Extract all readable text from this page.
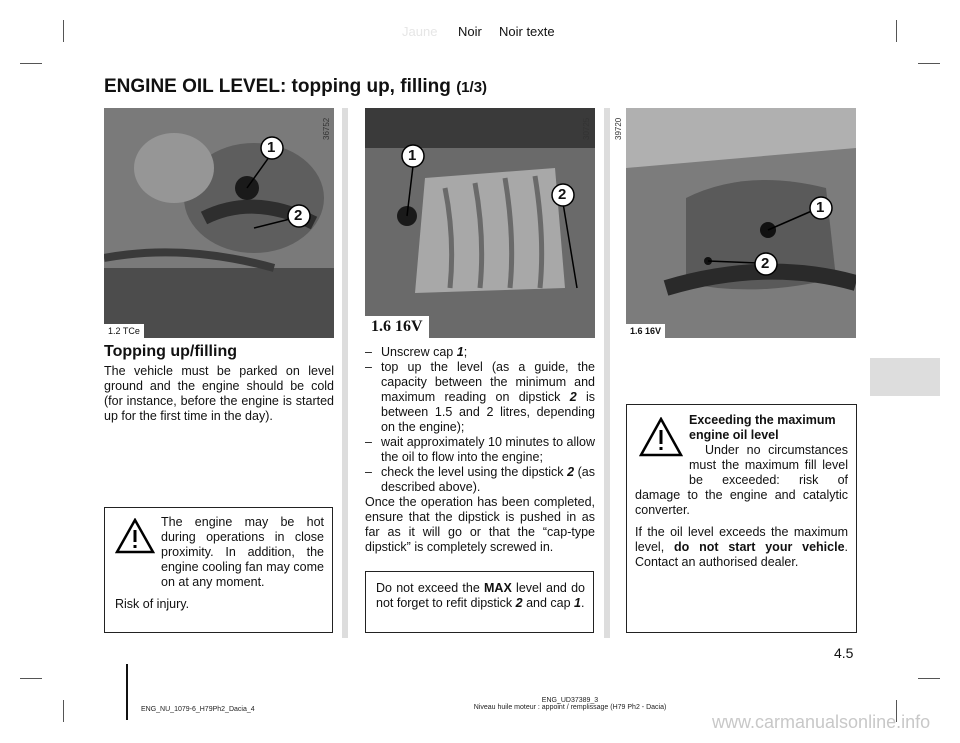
Jaune Noir Noir texte
ENGINE OIL LEVEL: topping up, filling (1/3)
1
2
1.2 TCe
36752
1
2
1.6 16V
30725	39720
1
2
1.6 16V
Topping up/filling
The vehicle must be parked on level ground and the engine should be cold (for instance, before the engine is started up for the first time in the day).
The engine may be hot during operations in close proximity. In addition, the engine cooling fan may come on at any moment.
Risk of injury.
– Unscrew cap 1;
– top up the level (as a guide, the capacity between the minimum and maximum reading on dipstick 2 is between 1.5 and 2 litres, depending on the engine);
– wait approximately 10 minutes to allow the oil to flow into the engine;
– check the level using the dipstick 2 (as described above).
Once the operation has been completed, ensure that the dipstick is pushed in as far as it will go or that the “cap-type dipstick” is completely screwed in.
Do not exceed the MAX level and do not forget to refit dipstick 2 and cap 1.
Exceeding the maximum engine oil level
Under no circumstances must the maximum fill level be exceeded: risk of damage to the engine and catalytic converter.
If the oil level exceeds the maximum level, do not start your vehicle. Contact an authorised dealer.
4.5
ENG_NU_1079-6_H79Ph2_Dacia_4
ENG_UD37389_3
Niveau huile moteur : appoint / remplissage (H79 Ph2 - Dacia)
www.carmanualsonline.info
